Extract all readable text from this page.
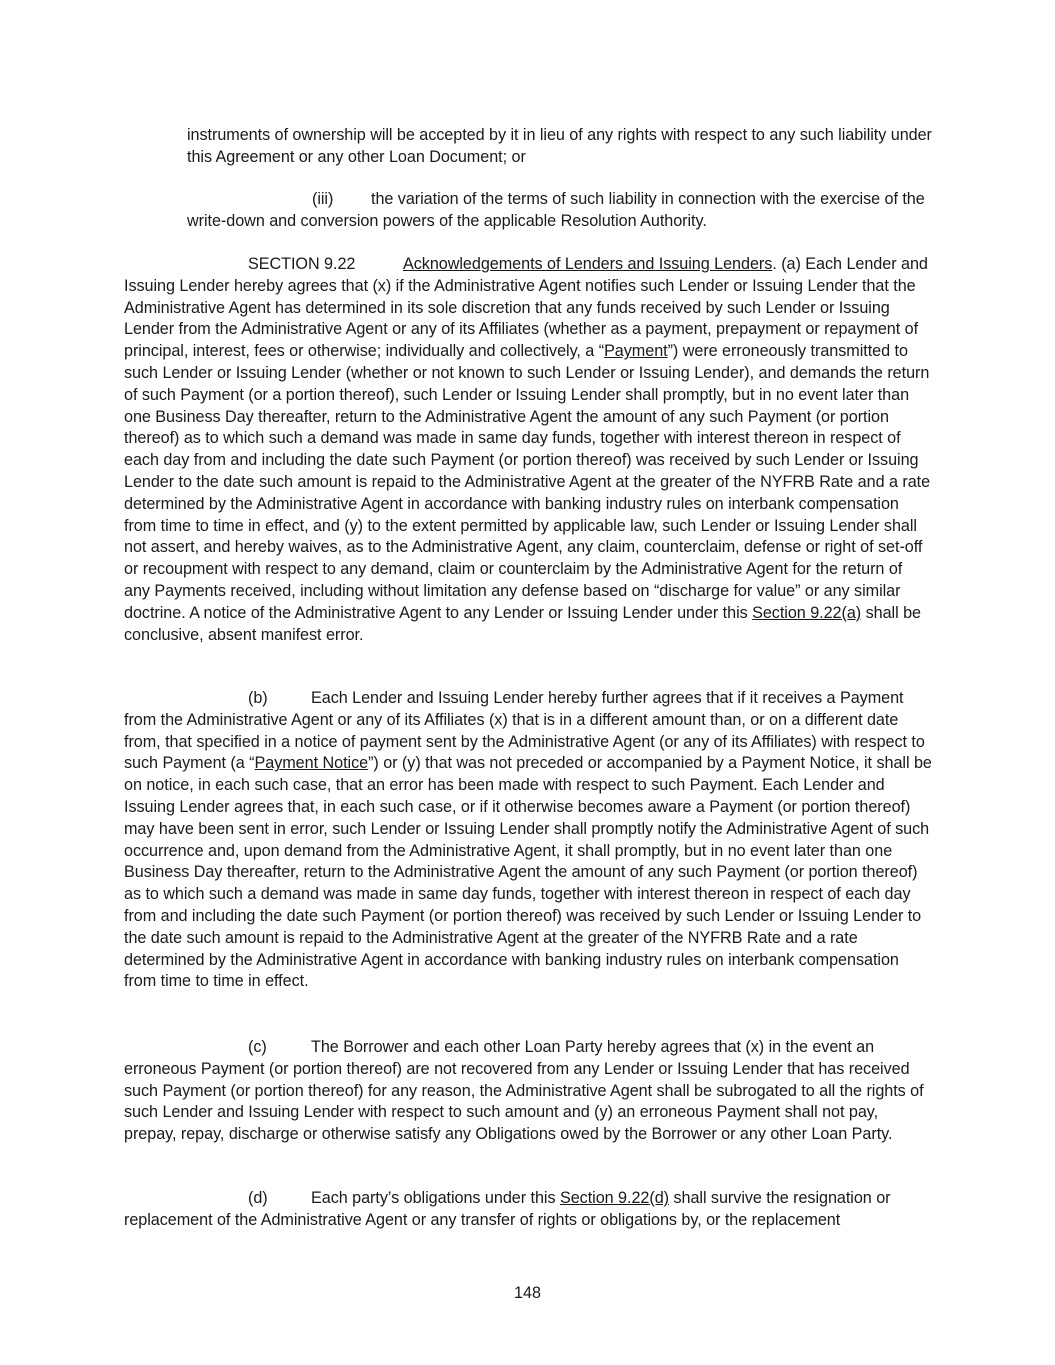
instruments of ownership will be accepted by it in lieu of any rights with respect to any such liability under this Agreement or any other Loan Document; or

(iii) the variation of the terms of such liability in connection with the exercise of the write-down and conversion powers of the applicable Resolution Authority.

SECTION 9.22	Acknowledgements of Lenders and Issuing Lenders. (a) Each Lender and Issuing Lender hereby agrees that (x) if the Administrative Agent notifies such Lender or Issuing Lender that the Administrative Agent has determined in its sole discretion that any funds received by such Lender or Issuing Lender from the Administrative Agent or any of its Affiliates (whether as a payment, prepayment or repayment of principal, interest, fees or otherwise; individually and collectively, a “Payment”) were erroneously transmitted to such Lender or Issuing Lender (whether or not known to such Lender or Issuing Lender), and demands the return of such Payment (or a portion thereof), such Lender or Issuing Lender shall promptly, but in no event later than one Business Day thereafter, return to the Administrative Agent the amount of any such Payment (or portion thereof) as to which such a demand was made in same day funds, together with interest thereon in respect of each day from and including the date such Payment (or portion thereof) was received by such Lender or Issuing Lender to the date such amount is repaid to the Administrative Agent at the greater of the NYFRB Rate and a rate determined by the Administrative Agent in accordance with banking industry rules on interbank compensation from time to time in effect, and (y) to the extent permitted by applicable law, such Lender or Issuing Lender shall not assert, and hereby waives, as to the Administrative Agent, any claim, counterclaim, defense or right of set-off or recoupment with respect to any demand, claim or counterclaim by the Administrative Agent for the return of any Payments received, including without limitation any defense based on “discharge for value” or any similar doctrine. A notice of the Administrative Agent to any Lender or Issuing Lender under this Section 9.22(a) shall be conclusive, absent manifest error.

(b)	Each Lender and Issuing Lender hereby further agrees that if it receives a Payment from the Administrative Agent or any of its Affiliates (x) that is in a different amount than, or on a different date from, that specified in a notice of payment sent by the Administrative Agent (or any of its Affiliates) with respect to such Payment (a “Payment Notice”) or (y) that was not preceded or accompanied by a Payment Notice, it shall be on notice, in each such case, that an error has been made with respect to such Payment. Each Lender and Issuing Lender agrees that, in each such case, or if it otherwise becomes aware a Payment (or portion thereof) may have been sent in error, such Lender or Issuing Lender shall promptly notify the Administrative Agent of such occurrence and, upon demand from the Administrative Agent, it shall promptly, but in no event later than one Business Day thereafter, return to the Administrative Agent the amount of any such Payment (or portion thereof) as to which such a demand was made in same day funds, together with interest thereon in respect of each day from and including the date such Payment (or portion thereof) was received by such Lender or Issuing Lender to the date such amount is repaid to the Administrative Agent at the greater of the NYFRB Rate and a rate determined by the Administrative Agent in accordance with banking industry rules on interbank compensation from time to time in effect.

(c)	The Borrower and each other Loan Party hereby agrees that (x) in the event an erroneous Payment (or portion thereof) are not recovered from any Lender or Issuing Lender that has received such Payment (or portion thereof) for any reason, the Administrative Agent shall be subrogated to all the rights of such Lender and Issuing Lender with respect to such amount and (y) an erroneous Payment shall not pay, prepay, repay, discharge or otherwise satisfy any Obligations owed by the Borrower or any other Loan Party.

(d)	Each party’s obligations under this Section 9.22(d) shall survive the resignation or replacement of the Administrative Agent or any transfer of rights or obligations by, or the replacement

148
